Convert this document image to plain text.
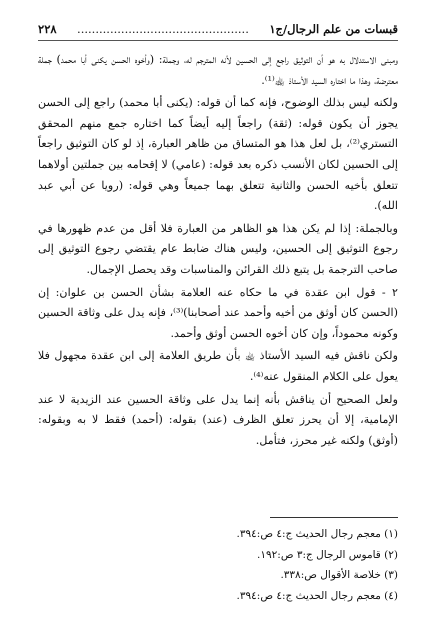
قبسات من علم الرجال/ج١
...............................................
٢٢٨

ومبنى الاستدلال به هو أن التوثيق راجع إلى الحسين لأنه المترجم له، وجملة: (وأخوه الحسن يكنى أبا محمد) جملة معترضة، وهذا ما اختاره السيد الأستاذ ﵀⁽¹⁾.

ولكنه ليس بذلك الوضوح، فإنه كما أن قوله: (يكنى أبا محمد) راجع إلى الحسن يجوز أن يكون قوله: (ثقة) راجعاً إليه أيضاً كما اختاره جمع منهم المحقق التستري⁽²⁾، بل لعل هذا هو المتساق من ظاهر العبارة، إذ لو كان التوثيق راجعاً إلى الحسين لكان الأنسب ذكره بعد قوله: (عامي) لا إقحامه بين جملتين أولاهما تتعلق بأخيه الحسن والثانية تتعلق بهما جميعاً وهي قوله: (رويا عن أبي عبد الله).

وبالجملة: إذا لم يكن هذا هو الظاهر من العبارة فلا أقل من عدم ظهورها في رجوع التوثيق إلى الحسين، وليس هناك ضابط عام يقتضي رجوع التوثيق إلى صاحب الترجمة بل يتبع ذلك القرائن والمناسبات وقد يحصل الإجمال.

٢ - قول ابن عقدة في ما حكاه عنه العلامة بشأن الحسن بن علوان: إن (الحسن كان أوثق من أخيه وأحمد عند أصحابنا)⁽³⁾، فإنه يدل على وثاقة الحسين وكونه محموداً، وإن كان أخوه الحسن أوثق وأحمد.

ولكن ناقش فيه السيد الأستاذ ﵀ بأن طريق العلامة إلى ابن عقدة مجهول فلا يعول على الكلام المنقول عنه⁽⁴⁾.

ولعل الصحيح أن يناقش بأنه إنما يدل على وثاقة الحسين عند الزيدية لا عند الإمامية، إلا أن يحرز تعلق الظرف (عند) بقوله: (أحمد) فقط لا به وبقوله: (أوثق) ولكنه غير محرز، فتأمل.

(١) معجم رجال الحديث ج:٤ ص:٣٩٤.
(٢) قاموس الرجال ج:٣ ص:١٩٢.
(٣) خلاصة الأقوال ص:٣٣٨.
(٤) معجم رجال الحديث ج:٤ ص:٣٩٤.
